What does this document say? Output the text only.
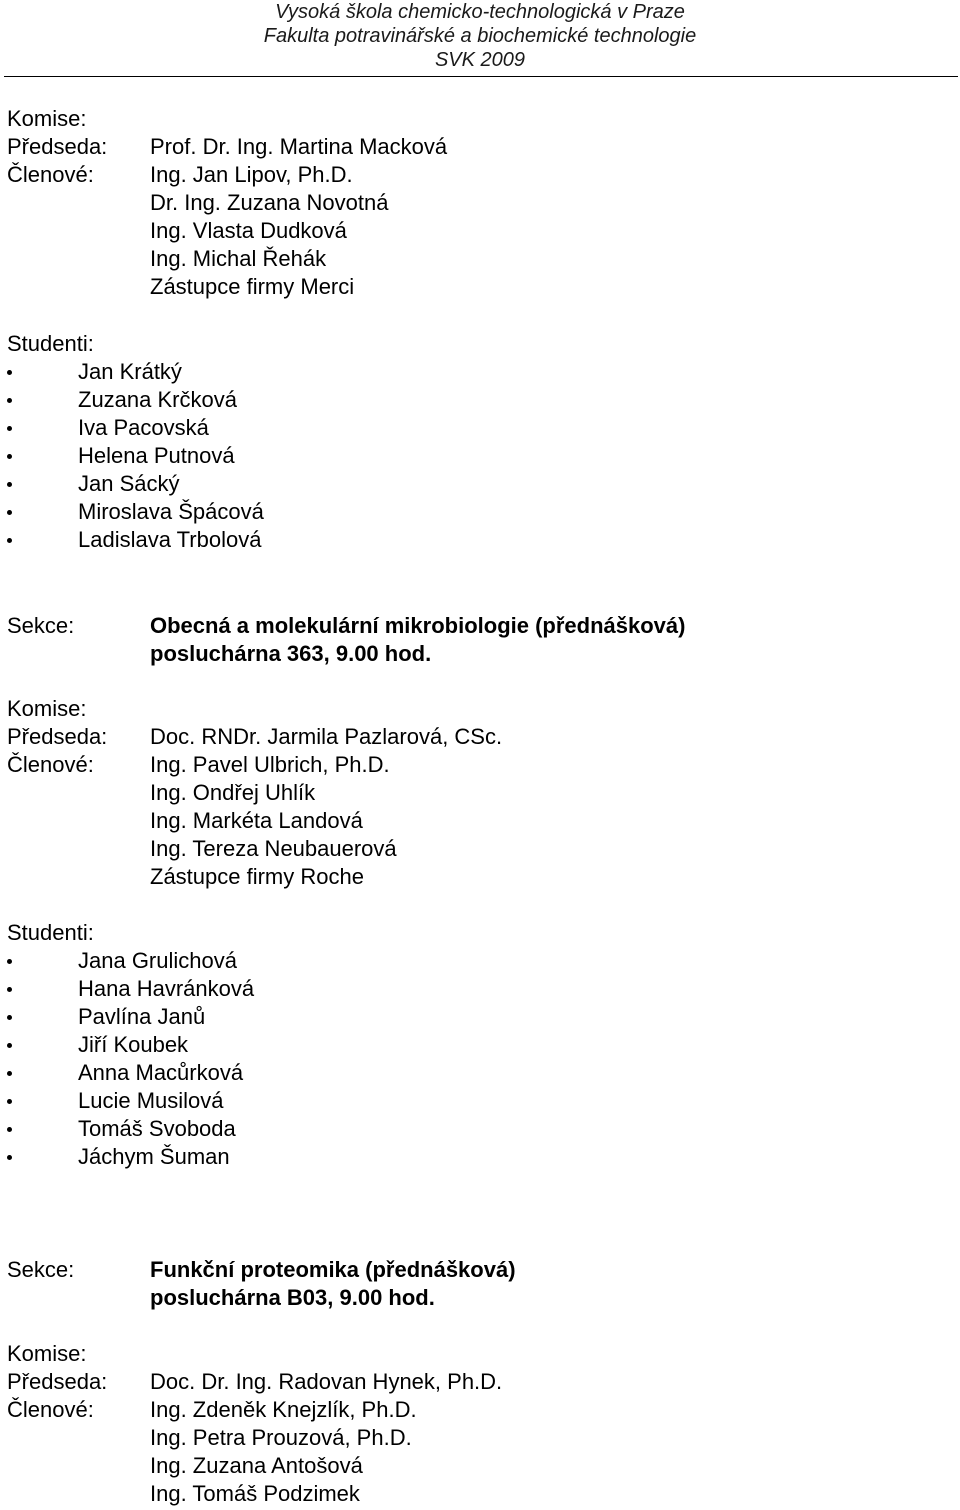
Vysoká škola chemicko-technologická v Praze
Fakulta potravinářské a biochemické technologie
SVK 2009
Komise:
Předseda: Prof. Dr. Ing. Martina Macková
Členové:	Ing. Jan Lipov, Ph.D.
Dr. Ing. Zuzana Novotná
Ing. Vlasta Dudková
Ing. Michal Řehák
Zástupce firmy Merci
Studenti:
Jan Krátký
Zuzana Krčková
Iva Pacovská
Helena Putnová
Jan Sácký
Miroslava Špácová
Ladislava Trbolová
Sekce:	Obecná a molekulární mikrobiologie (přednášková)
posluchárna 363, 9.00 hod.
Komise:
Předseda: Doc. RNDr. Jarmila Pazlarová, CSc.
Členové:	Ing. Pavel Ulbrich, Ph.D.
Ing. Ondřej Uhlík
Ing. Markéta Landová
Ing. Tereza Neubauerová
Zástupce firmy Roche
Studenti:
Jana Grulichová
Hana Havránková
Pavlína Janů
Jiří Koubek
Anna Macůrková
Lucie Musilová
Tomáš Svoboda
Jáchym Šuman
Sekce:	Funkční proteomika (přednášková)
posluchárna B03, 9.00 hod.
Komise:
Předseda: Doc. Dr. Ing. Radovan Hynek, Ph.D.
Členové:	Ing. Zdeněk Knejzlík, Ph.D.
Ing. Petra Prouzová, Ph.D.
Ing. Zuzana Antošová
Ing. Tomáš Podzimek
